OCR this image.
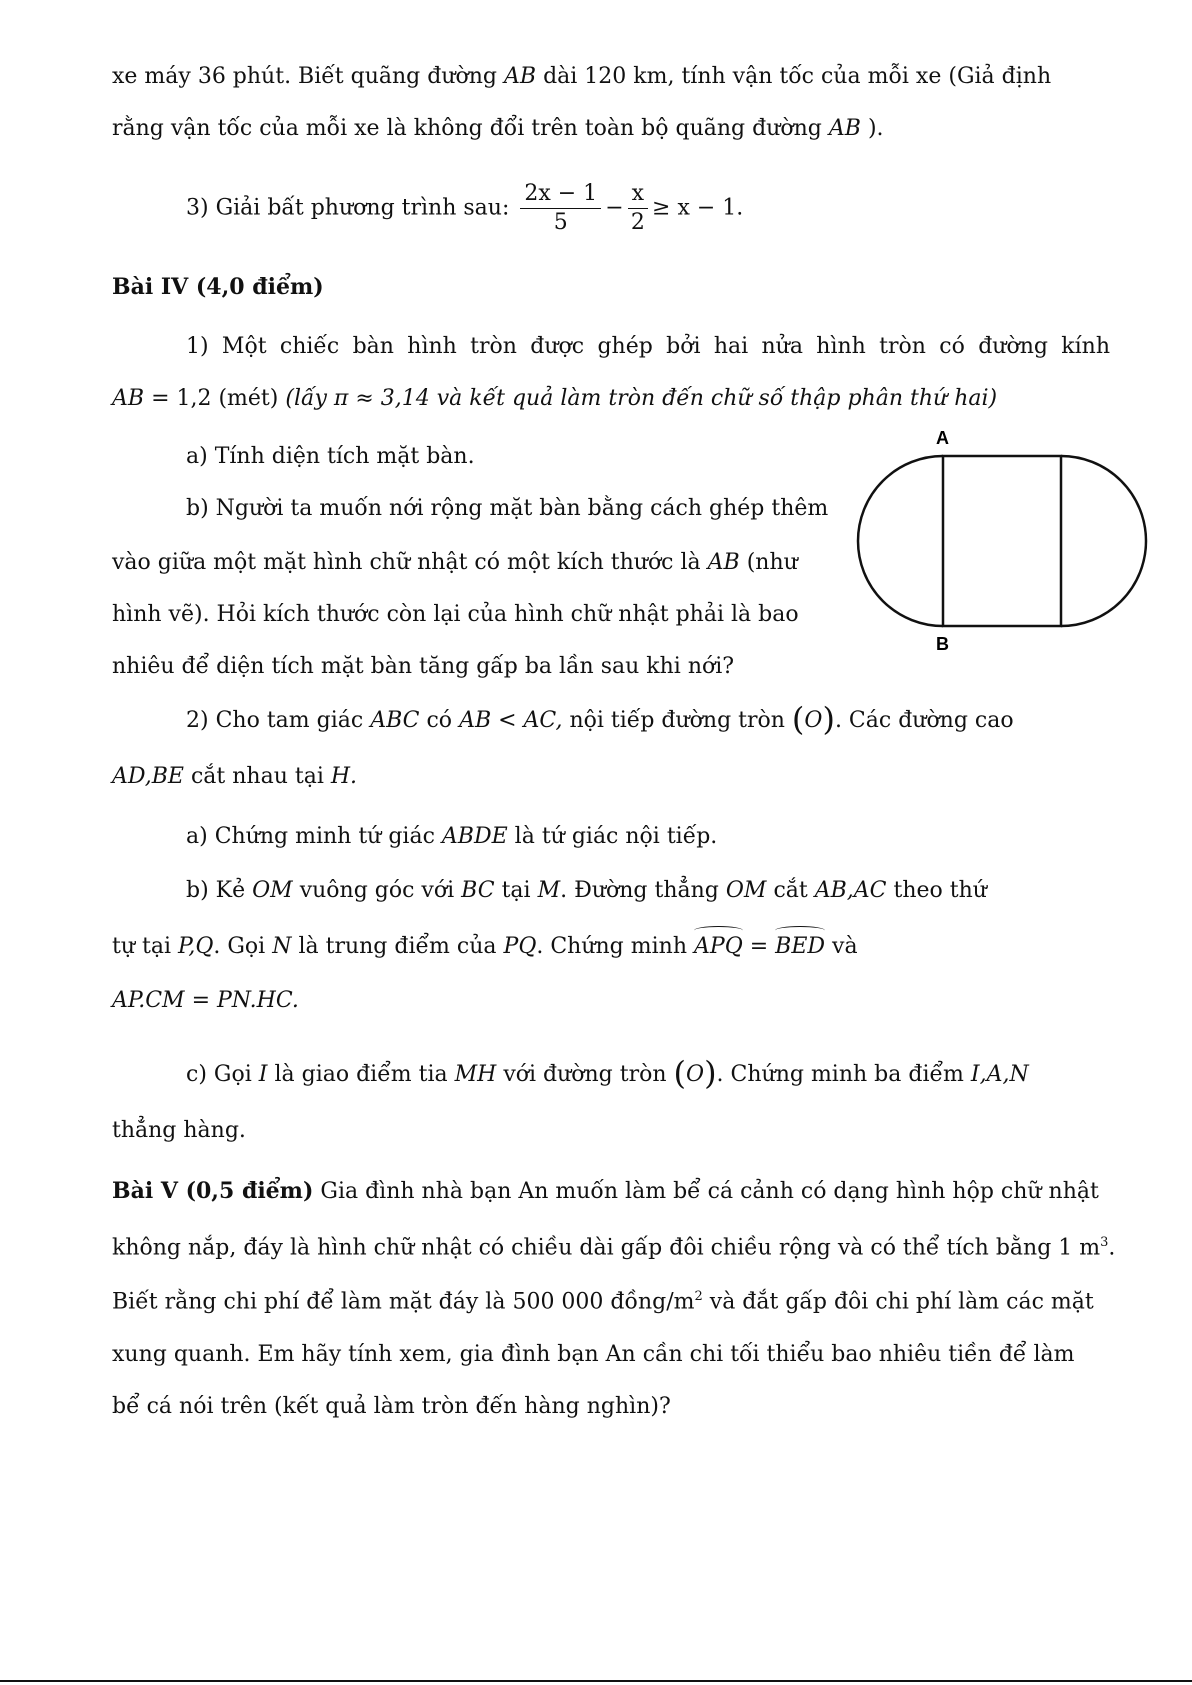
xe máy 36 phút. Biết quãng đường AB dài 120 km, tính vận tốc của mỗi xe (Giả định
rằng vận tốc của mỗi xe là không đổi trên toàn bộ quãng đường AB ).
3) Giải bất phương trình sau: $\frac{2x - 1}{5} - \frac{x}{2} \ge x - 1$.
Bài IV (4,0 điểm)
1) Một chiếc bàn hình tròn được ghép bởi hai nửa hình tròn có đường kính
AB = 1,2 (mét) (lấy π ≈ 3,14 và kết quả làm tròn đến chữ số thập phân thứ hai)
a) Tính diện tích mặt bàn.
b) Người ta muốn nới rộng mặt bàn bằng cách ghép thêm
vào giữa một mặt hình chữ nhật có một kích thước là AB (như
hình vẽ). Hỏi kích thước còn lại của hình chữ nhật phải là bao
nhiêu để diện tích mặt bàn tăng gấp ba lần sau khi nới?
A
B
2) Cho tam giác ABC có AB < AC, nội tiếp đường tròn (O). Các đường cao
AD,BE cắt nhau tại H.
a) Chứng minh tứ giác ABDE là tứ giác nội tiếp.
b) Kẻ OM vuông góc với BC tại M. Đường thẳng OM cắt AB,AC theo thứ
tự tại P,Q. Gọi N là trung điểm của PQ. Chứng minh APQ = BED và
AP.CM = PN.HC.
c) Gọi I là giao điểm tia MH với đường tròn (O). Chứng minh ba điểm I,A,N
thẳng hàng.
Bài V (0,5 điểm) Gia đình nhà bạn An muốn làm bể cá cảnh có dạng hình hộp chữ nhật
không nắp, đáy là hình chữ nhật có chiều dài gấp đôi chiều rộng và có thể tích bằng 1 $m^3$.
Biết rằng chi phí để làm mặt đáy là 500 000 đồng/$m^2$ và đắt gấp đôi chi phí làm các mặt
xung quanh. Em hãy tính xem, gia đình bạn An cần chi tối thiểu bao nhiêu tiền để làm
bể cá nói trên (kết quả làm tròn đến hàng nghìn)?
